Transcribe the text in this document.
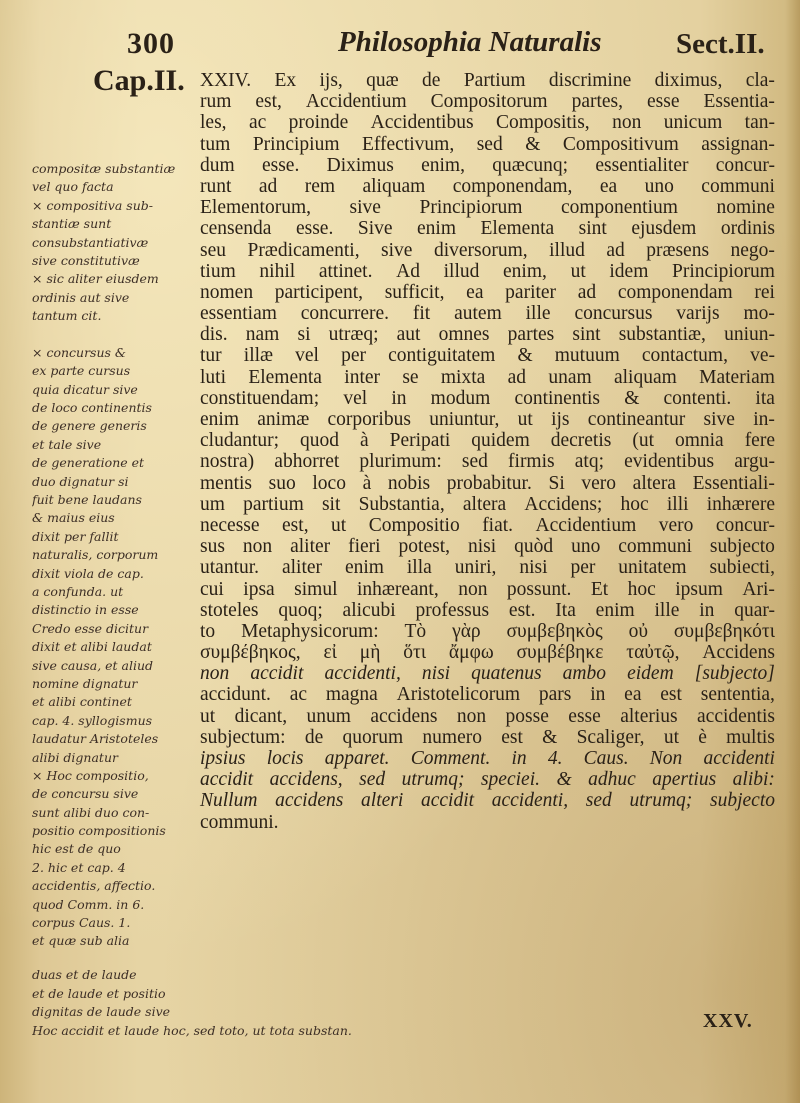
300	Philosophia Naturalis	Sect.II.
Cap.II. XXIV. Ex ijs, quæ de Partium discrimine diximus, cla-
rum est, Accidentium Compositorum partes, esse Essentia-
les, ac proinde Accidentibus Compositis, non unicum tan-
tum Principium Effectivum, sed & Compositivum assignan-
dum esse. Diximus enim, quæcunq; essentialiter concur-
runt ad rem aliquam componendam, ea uno communi
Elementorum, sive Principiorum componentium nomine
censenda esse. Sive enim Elementa sint ejusdem ordinis
seu Prædicamenti, sive diversorum, illud ad præsens nego-
tium nihil attinet. Ad illud enim, ut idem Principiorum
nomen participent, sufficit, ea pariter ad componendam rei
essentiam concurrere. fit autem ille concursus varijs mo-
dis. nam si utræq; aut omnes partes sint substantiæ, uniun-
tur illæ vel per contiguitatem & mutuum contactum, ve-
luti Elementa inter se mixta ad unam aliquam Materiam
constituendam; vel in modum continentis & contenti. ita
enim animæ corporibus uniuntur, ut ijs contineantur sive in-
cludantur; quod à Peripati quidem decretis (ut omnia fere
nostra) abhorret plurimum: sed firmis atq; evidentibus argu-
mentis suo loco à nobis probabitur. Si vero altera Essentiali-
um partium sit Substantia, altera Accidens; hoc illi inhærere
necesse est, ut Compositio fiat. Accidentium vero concur-
sus non aliter fieri potest, nisi quòd uno communi subjecto
utantur. aliter enim illa uniri, nisi per unitatem subiecti,
cui ipsa simul inhæreant, non possunt. Et hoc ipsum Ari-
stoteles quoq; alicubi professus est. Ita enim ille in quar-
to Metaphysicorum: Τὸ γὰρ συμβεβηκὸς οὐ συμβεβηκότι
συμβέβηκος, εἰ μὴ ὅτι ἄμφω συμβέβηκε ταὐτῷ, Accidens
non accidit accidenti, nisi quatenus ambo eidem [subjecto]
accidunt. ac magna Aristotelicorum pars in ea est sententia,
ut dicant, unum accidens non posse esse alterius accidentis
subjectum: de quorum numero est & Scaliger, ut è multis
ipsius locis apparet. Comment. in 4. Caus. Non accidenti
accidit accidens, sed utrumq; speciei. & adhuc apertius alibi:
Nullum accidens alteri accidit accidenti, sed utrumq; subjecto
communi.
compositæ substantiæ
vel quo facta
× compositiva sub-
stantiæ sunt
consubstantiativæ
sive constitutivæ
× sic aliter eiusdem
ordinis aut sive
tantum cit.
× concursus &
ex parte cursus
quia dicatur sive
de loco continentis
de genere generis
et tale sive
de generatione et
duo dignatur si
fuit bene laudans
& maius eius
dixit per fallit
naturalis, corporum
dixit viola de cap.
a confunda. ut
distinctio in esse
Credo esse dicitur
dixit et alibi laudat
sive causa, et aliud
nomine dignatur
et alibi continet
cap. 4. syllogismus
laudatur Aristoteles
alibi dignatur
× Hoc compositio,
de concursu sive
sunt alibi duo con-
positio compositionis
hic est de quo
2. hic et cap. 4
accidentis, affectio.
quod Comm. in 6.
corpus Caus. 1.
et quæ sub alia
duas et de laude
et de laude et positio
dignitas de laude sive
Hoc accidit et laude hoc, sed toto, ut tota substan.	XXV.
